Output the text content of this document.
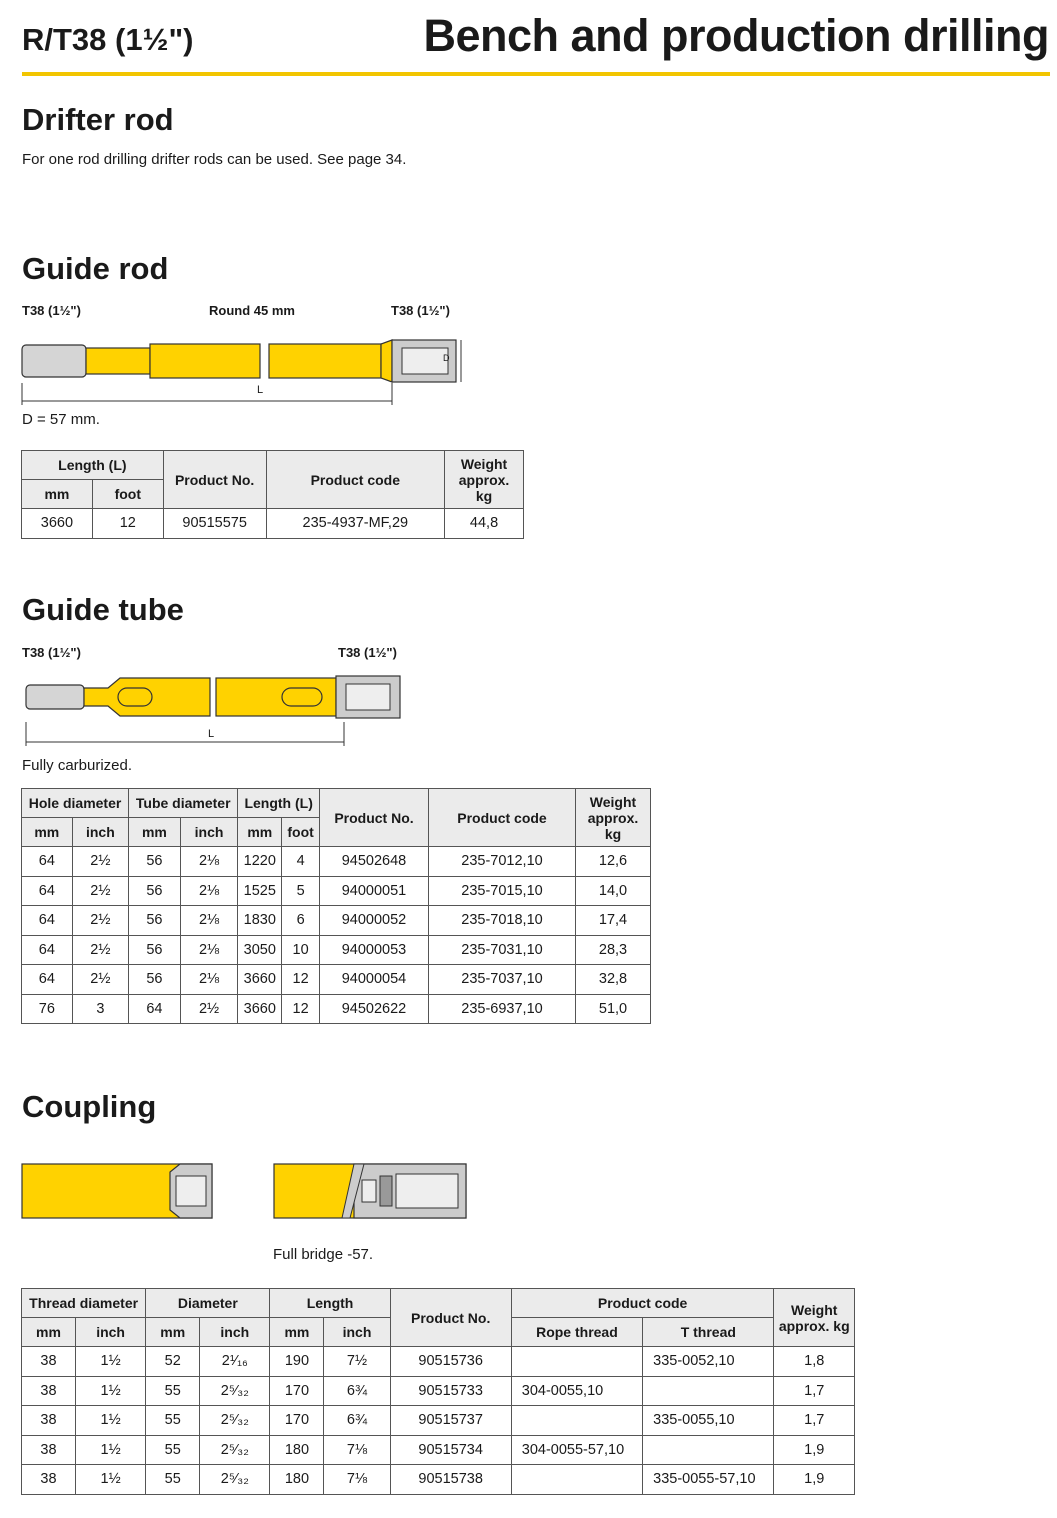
R/T38 (1½")	Bench and production drilling
Drifter rod
For one rod drilling drifter rods can be used. See page 34.
Guide rod
T38 (1½")	Round 45 mm	T38 (1½")
D
L
D = 57 mm.
Length (L)		Product No.	Product code	Weight approx. kg
mm	foot			
3660	12	90515575	235-4937-MF,29	44,8
Guide tube
T38 (1½")	T38 (1½")
L
Fully carburized.
Hole diameter		Tube diameter		Length (L)		Product No.	Product code	Weight approx. kg
mm	inch	mm	inch	mm	foot			
64	2½	56	2⅛	1220	4	94502648	235-7012,10	12,6
64	2½	56	2⅛	1525	5	94000051	235-7015,10	14,0
64	2½	56	2⅛	1830	6	94000052	235-7018,10	17,4
64	2½	56	2⅛	3050	10	94000053	235-7031,10	28,3
64	2½	56	2⅛	3660	12	94000054	235-7037,10	32,8
76	3	64	2½	3660	12	94502622	235-6937,10	51,0
Coupling
Full bridge -57.
Thread diameter		Diameter		Length		Product No.	Product code		Weight approx. kg
mm	inch	mm	inch	mm	inch		Rope thread	T thread	
38	1½	52	2¹⁄₁₆	190	7½	90515736		335-0052,10	1,8
38	1½	55	2⁵⁄₃₂	170	6¾	90515733	304-0055,10		1,7
38	1½	55	2⁵⁄₃₂	170	6¾	90515737		335-0055,10	1,7
38	1½	55	2⁵⁄₃₂	180	7⅛	90515734	304-0055-57,10		1,9
38	1½	55	2⁵⁄₃₂	180	7⅛	90515738		335-0055-57,10	1,9
